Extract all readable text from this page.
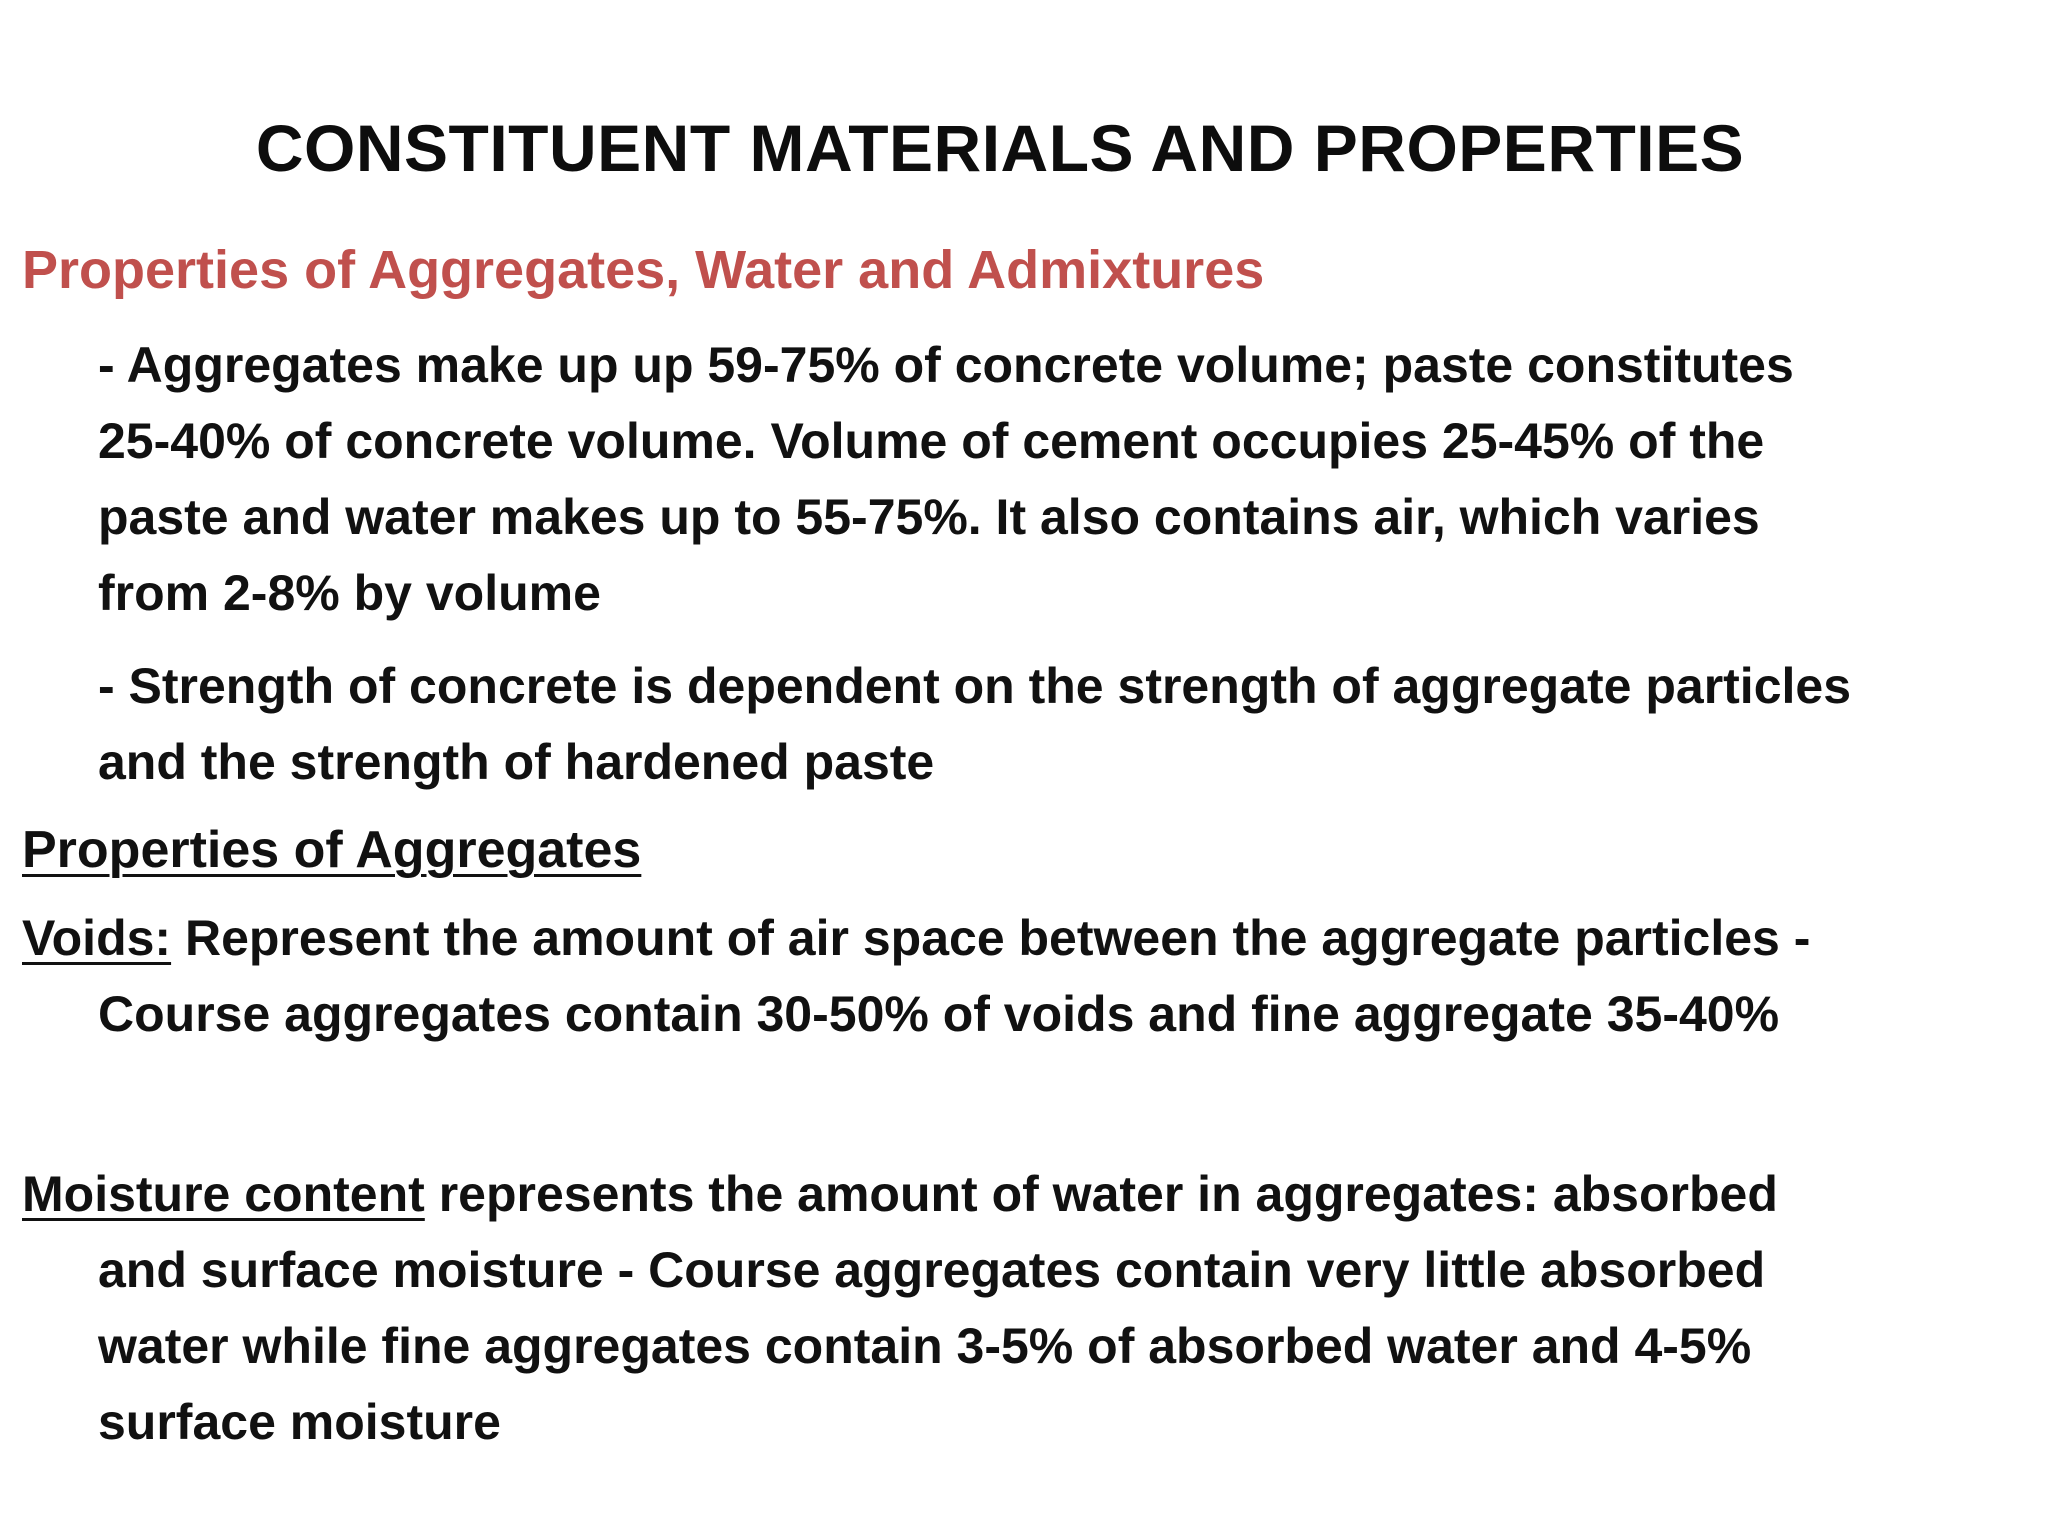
CONSTITUENT MATERIALS AND PROPERTIES
Properties of Aggregates, Water and Admixtures
- Aggregates make up up 59-75% of concrete volume; paste constitutes
25-40% of concrete volume. Volume of cement occupies 25-45% of the
paste and water makes up to 55-75%. It also contains air, which varies
from 2-8% by volume
- Strength of concrete is dependent on the strength of aggregate particles
and the strength of hardened paste
Properties of Aggregates
Voids: Represent the amount of air space between the aggregate particles -
Course aggregates contain 30-50% of voids and fine aggregate 35-40%
Moisture content represents the amount of water in aggregates: absorbed
and surface moisture - Course aggregates contain very little absorbed
water while fine aggregates contain 3-5% of absorbed water and 4-5%
surface moisture
